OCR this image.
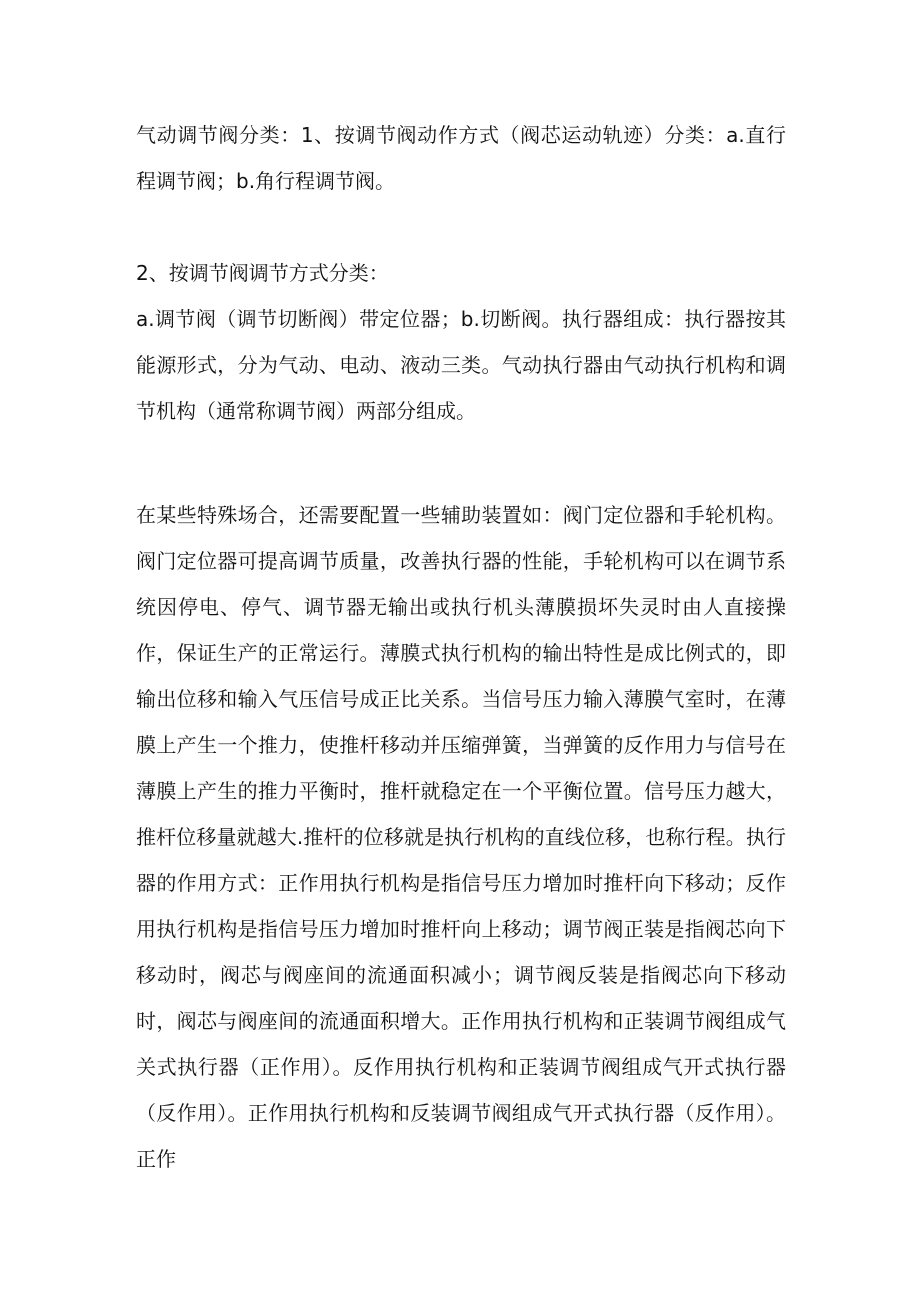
气动调节阀分类：1、按调节阀动作方式（阀芯运动轨迹）分类：a.直行程调节阀；b.角行程调节阀。

2、按调节阀调节方式分类：

a.调节阀（调节切断阀）带定位器；b.切断阀。执行器组成：执行器按其能源形式，分为气动、电动、液动三类。气动执行器由气动执行机构和调节机构（通常称调节阀）两部分组成。

在某些特殊场合，还需要配置一些辅助装置如：阀门定位器和手轮机构。阀门定位器可提高调节质量，改善执行器的性能，手轮机构可以在调节系统因停电、停气、调节器无输出或执行机头薄膜损坏失灵时由人直接操作，保证生产的正常运行。薄膜式执行机构的输出特性是成比例式的，即输出位移和输入气压信号成正比关系。当信号压力输入薄膜气室时，在薄膜上产生一个推力，使推杆移动并压缩弹簧，当弹簧的反作用力与信号在薄膜上产生的推力平衡时，推杆就稳定在一个平衡位置。信号压力越大，推杆位移量就越大.推杆的位移就是执行机构的直线位移，也称行程。执行器的作用方式：正作用执行机构是指信号压力增加时推杆向下移动；反作用执行机构是指信号压力增加时推杆向上移动；调节阀正装是指阀芯向下移动时，阀芯与阀座间的流通面积减小；调节阀反装是指阀芯向下移动时，阀芯与阀座间的流通面积增大。正作用执行机构和正装调节阀组成气关式执行器（正作用）。反作用执行机构和正装调节阀组成气开式执行器（反作用）。正作用执行机构和反装调节阀组成气开式执行器（反作用）。正作
